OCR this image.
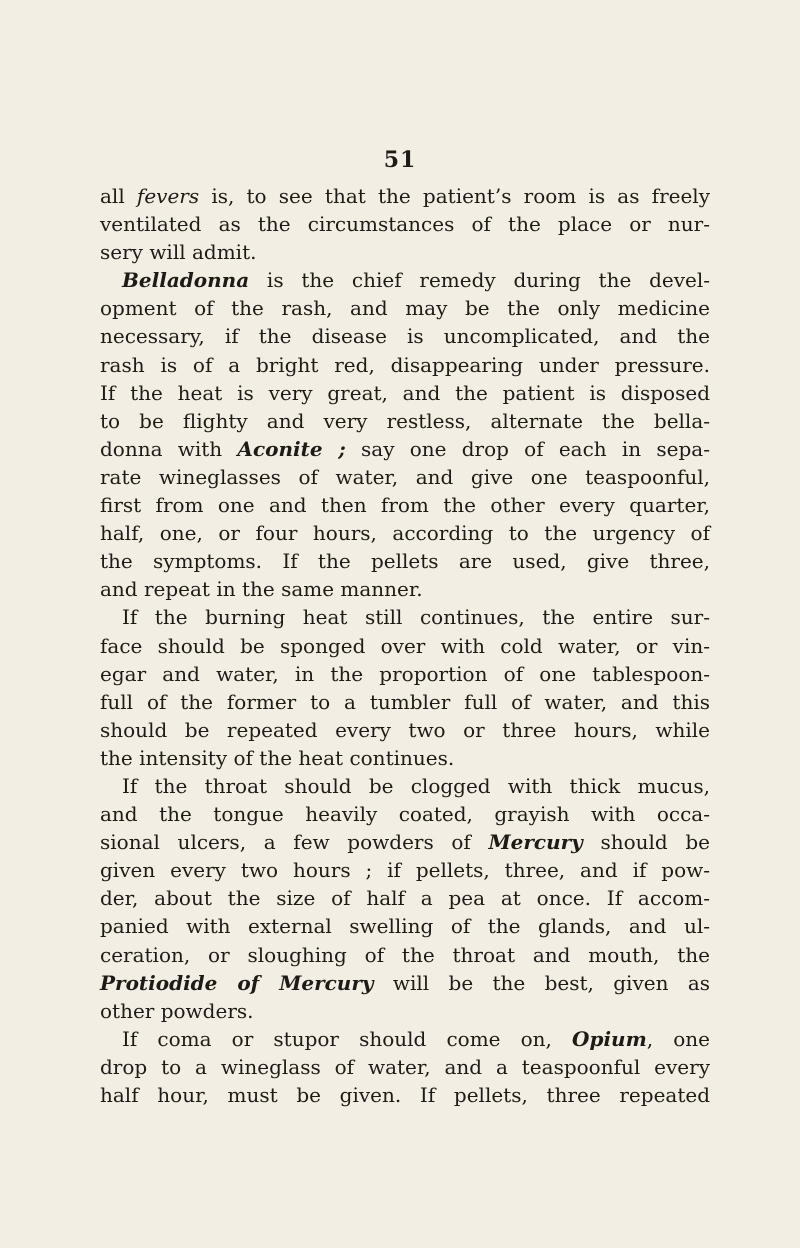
51
all fevers is, to see that the patient’s room is as freely
ventilated as the circumstances of the place or nur-
sery will admit.
Belladonna is the chief remedy during the devel-
opment of the rash, and may be the only medicine
necessary, if the disease is uncomplicated, and the
rash is of a bright red, disappearing under pressure.
If the heat is very great, and the patient is disposed
to be flighty and very restless, alternate the bella-
donna with Aconite ; say one drop of each in sepa-
rate wineglasses of water, and give one teaspoonful,
first from one and then from the other every quarter,
half, one, or four hours, according to the urgency of
the symptoms. If the pellets are used, give three,
and repeat in the same manner.
If the burning heat still continues, the entire sur-
face should be sponged over with cold water, or vin-
egar and water, in the proportion of one tablespoon-
full of the former to a tumbler full of water, and this
should be repeated every two or three hours, while
the intensity of the heat continues.
If the throat should be clogged with thick mucus,
and the tongue heavily coated, grayish with occa-
sional ulcers, a few powders of Mercury should be
given every two hours ; if pellets, three, and if pow-
der, about the size of half a pea at once. If accom-
panied with external swelling of the glands, and ul-
ceration, or sloughing of the throat and mouth, the
Protiodide of Mercury will be the best, given as
other powders.
If coma or stupor should come on, Opium, one
drop to a wineglass of water, and a teaspoonful every
half hour, must be given. If pellets, three repeated
